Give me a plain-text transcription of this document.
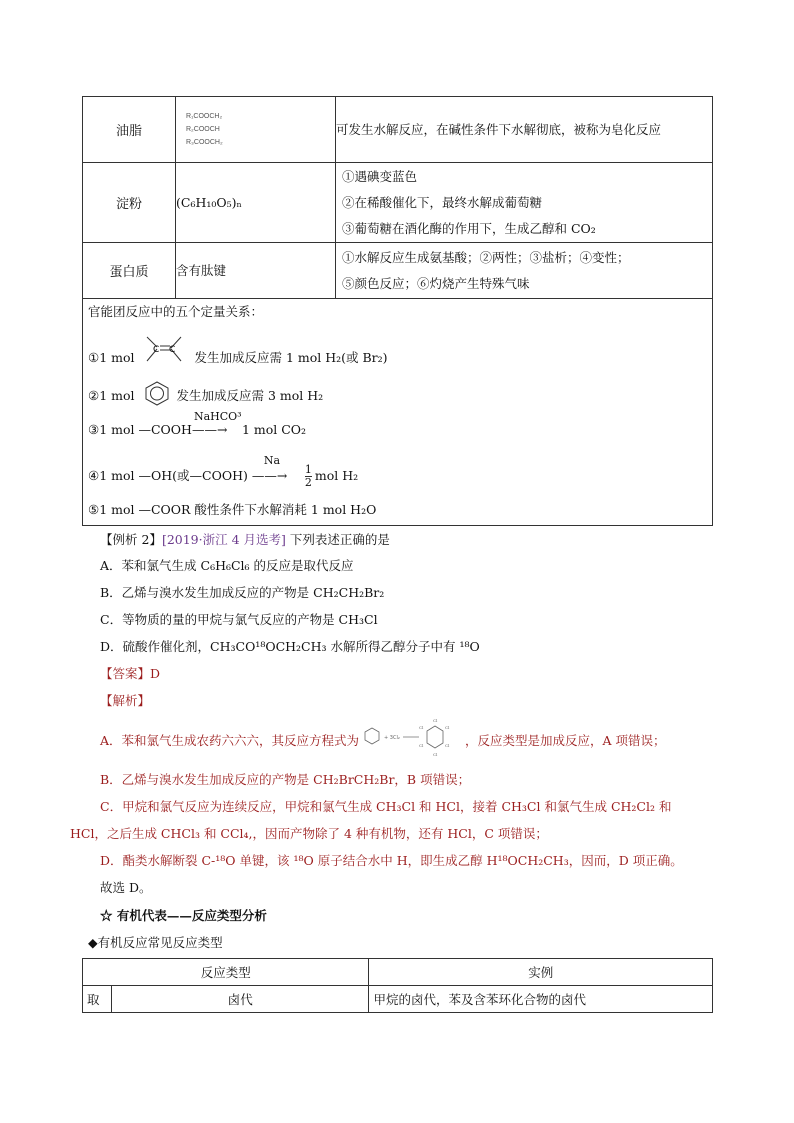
油脂	R₁COOCH₂
R₂COOCH
R₃COOCH₂	可发生水解反应，在碱性条件下水解彻底，被称为皂化反应
淀粉	(C₆H₁₀O₅)ₙ	①遇碘变蓝色
②在稀酸催化下，最终水解成葡萄糖
③葡萄糖在酒化酶的作用下，生成乙醇和 CO₂

蛋白质	含有肽键	①水解反应生成氨基酸；②两性；③盐析；④变性；
⑤颜色反应；⑥灼烧产生特殊气味

官能团反应中的五个定量关系：
①1 mol
C C
发生加成反应需 1 mol H₂(或 Br₂)
②1 mol	发生加成反应需 3 mol H₂
③1 mol —COOH
NaHCO³
——→ 1 mol CO₂
④1 mol —OH(或—COOH)
Na
——→ $\frac{1}{2}$ mol H₂
⑤1 mol —COOR 酸性条件下水解消耗 1 mol H₂O
【例析 2】[2019·浙江 4 月选考] 下列表述正确的是
A．苯和氯气生成 C₆H₆Cl₆ 的反应是取代反应
B．乙烯与溴水发生加成反应的产物是 CH₂CH₂Br₂
C．等物质的量的甲烷与氯气反应的产物是 CH₃Cl
D．硫酸作催化剂，CH₃CO¹⁸OCH₂CH₃ 水解所得乙醇分子中有 ¹⁸O
【答案】D
【解析】
A．苯和氯气生成农药六六六，其反应方程式为	+ 3Cl₂
Cl
Cl
Cl
Cl
Cl
Cl
，反应类型是加成反应，A 项错误；
B．乙烯与溴水发生加成反应的产物是 CH₂BrCH₂Br，B 项错误；
C．甲烷和氯气反应为连续反应，甲烷和氯气生成 CH₃Cl 和 HCl，接着 CH₃Cl 和氯气生成 CH₂Cl₂ 和
HCl，之后生成 CHCl₃ 和 CCl₄,，因而产物除了 4 种有机物，还有 HCl，C 项错误；
D．酯类水解断裂 C-¹⁸O 单键，该 ¹⁸O 原子结合水中 H，即生成乙醇 H¹⁸OCH₂CH₃，因而，D 项正确。
故选 D。
☆ 有机代表——反应类型分析
◆有机反应常见反应类型
反应类型		实例
取	卤代	甲烷的卤代，苯及含苯环化合物的卤代
